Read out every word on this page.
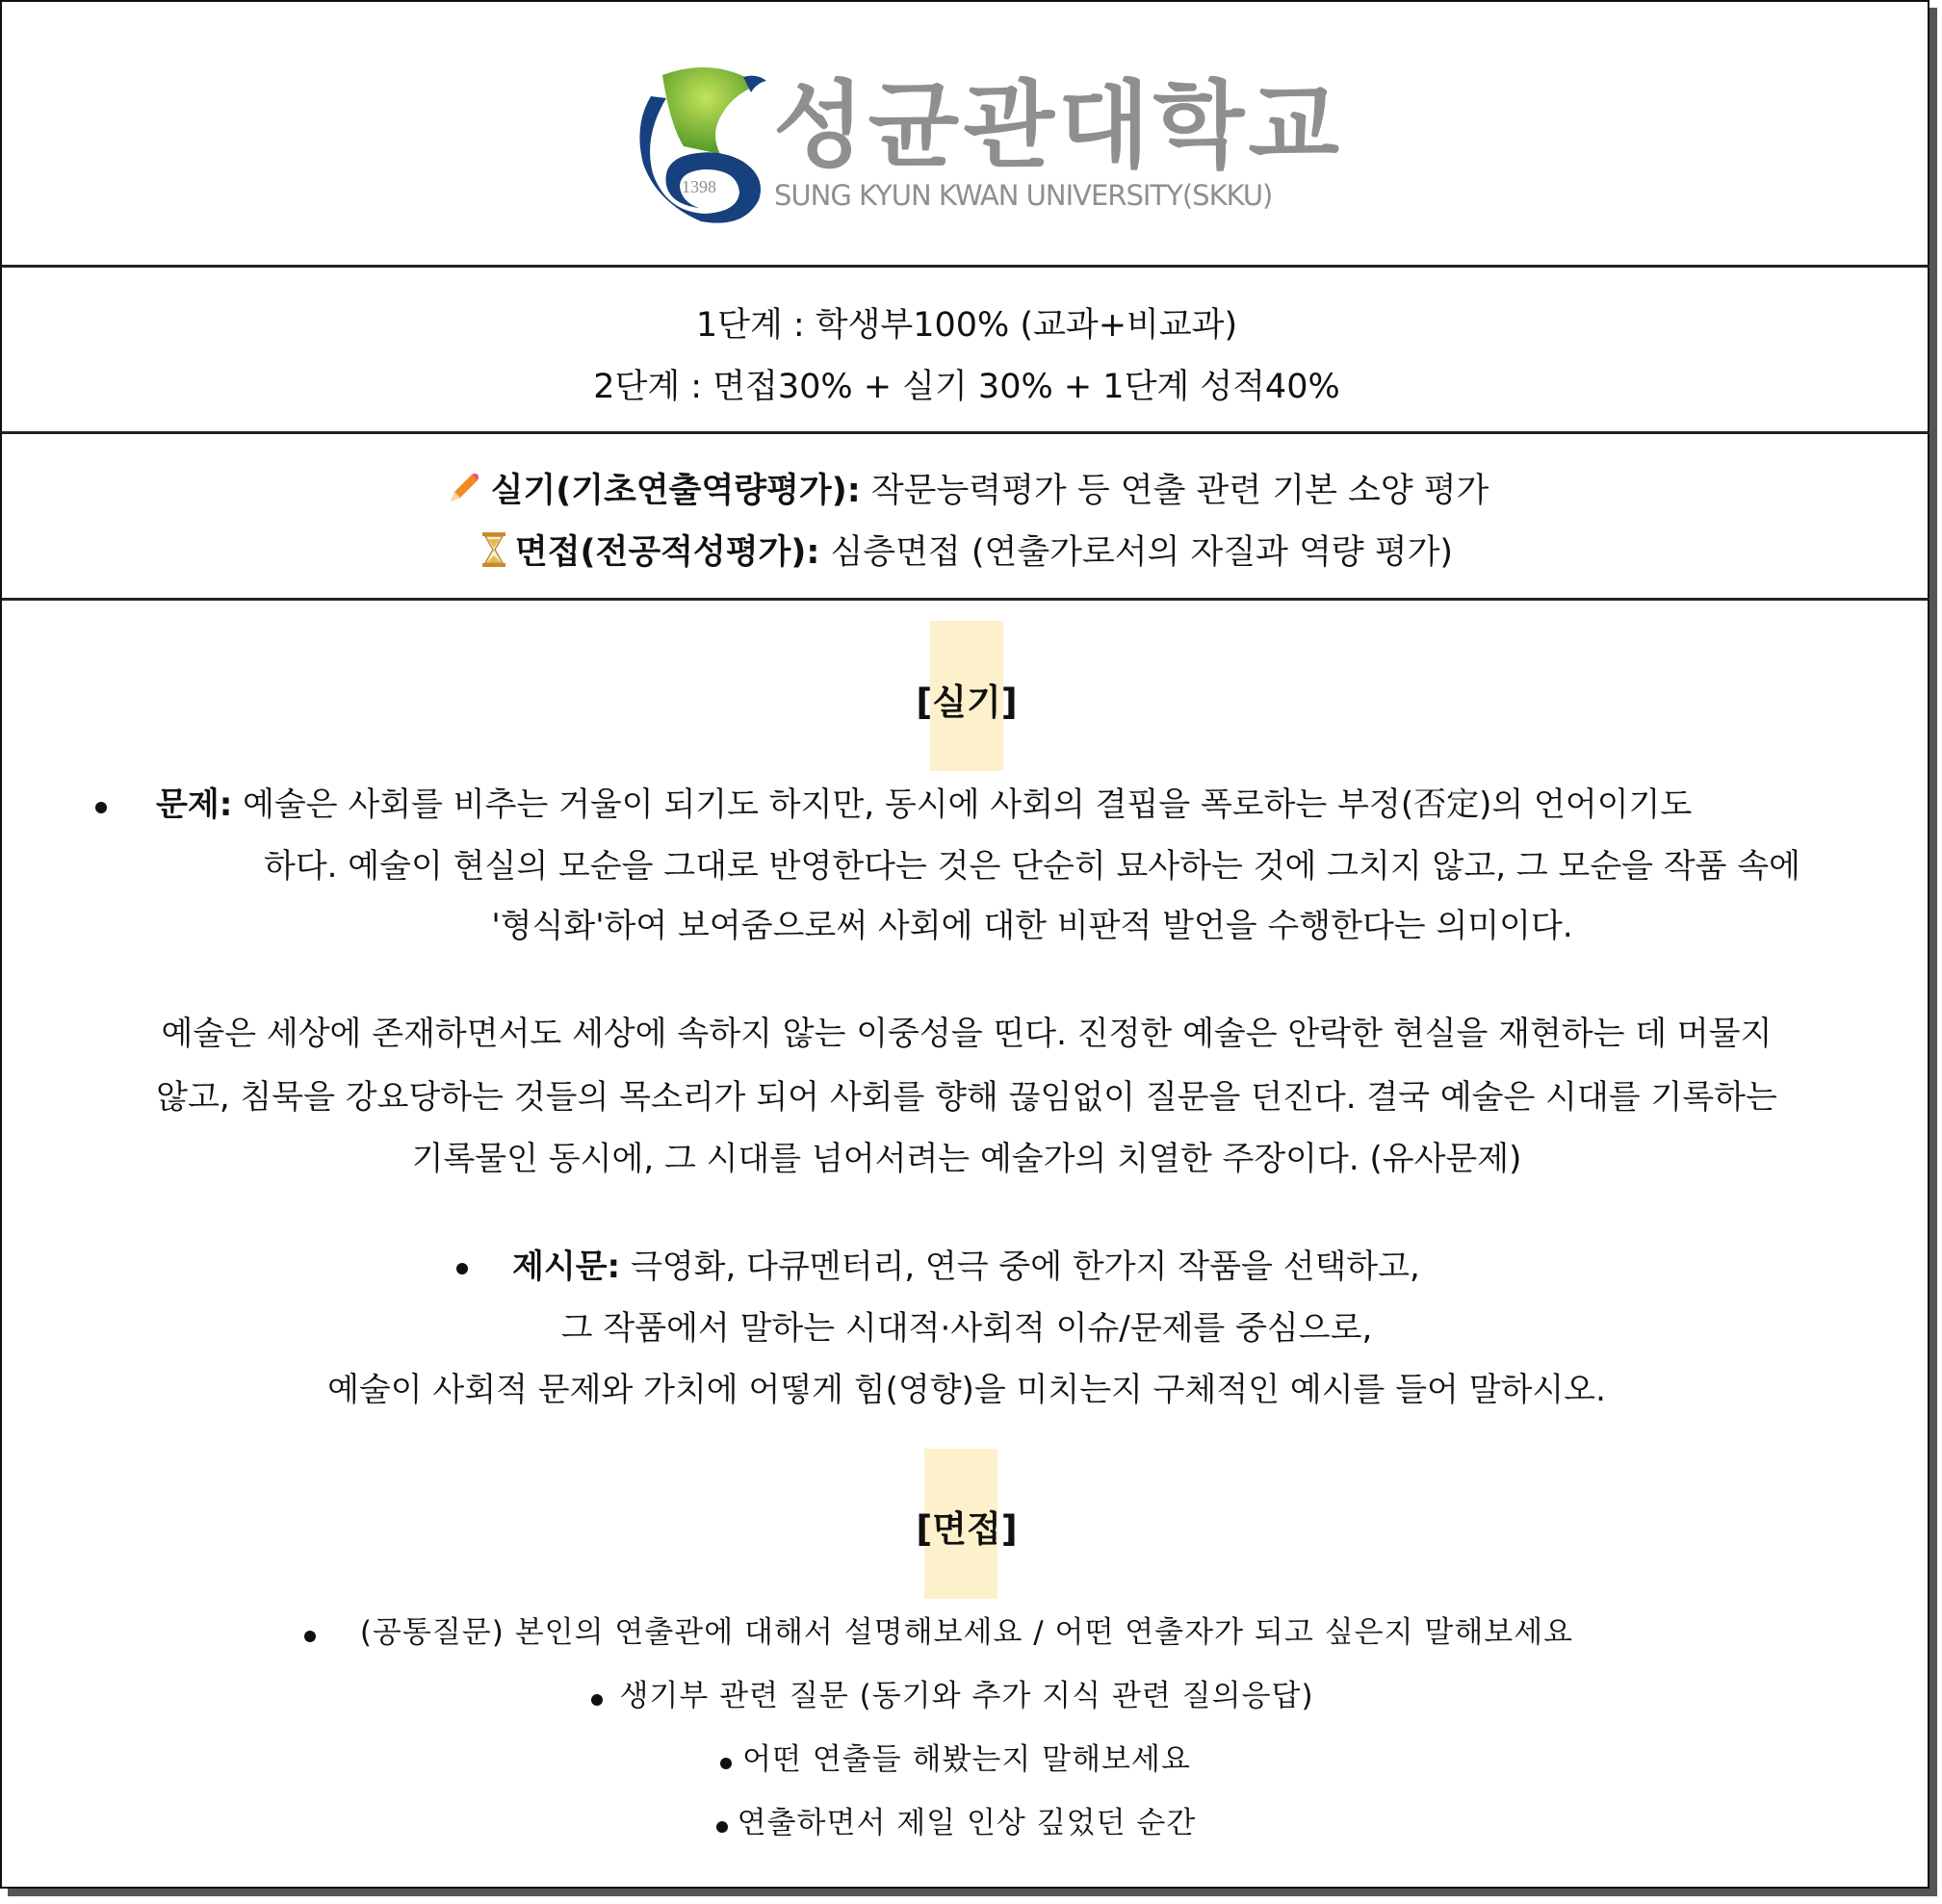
1398
성균관대학교
SUNG KYUN KWAN UNIVERSITY(SKKU)
1단계 : 학생부100% (교과+비교과)
2단계 : 면접30% + 실기 30% + 1단계 성적40%
실기(기초연출역량평가): 작문능력평가 등 연출 관련 기본 소양 평가
면접(전공적성평가): 심층면접 (연출가로서의 자질과 역량 평가)
[실기]
문제: 예술은 사회를 비추는 거울이 되기도 하지만, 동시에 사회의 결핍을 폭로하는 부정(否定)의 언어이기도
하다. 예술이 현실의 모순을 그대로 반영한다는 것은 단순히 묘사하는 것에 그치지 않고, 그 모순을 작품 속에
'형식화'하여 보여줌으로써 사회에 대한 비판적 발언을 수행한다는 의미이다.
예술은 세상에 존재하면서도 세상에 속하지 않는 이중성을 띤다. 진정한 예술은 안락한 현실을 재현하는 데 머물지
않고, 침묵을 강요당하는 것들의 목소리가 되어 사회를 향해 끊임없이 질문을 던진다. 결국 예술은 시대를 기록하는
기록물인 동시에, 그 시대를 넘어서려는 예술가의 치열한 주장이다. (유사문제)
제시문: 극영화, 다큐멘터리, 연극 중에 한가지 작품을 선택하고,
그 작품에서 말하는 시대적·사회적 이슈/문제를 중심으로,
예술이 사회적 문제와 가치에 어떻게 힘(영향)을 미치는지 구체적인 예시를 들어 말하시오.
[면접]
(공통질문) 본인의 연출관에 대해서 설명해보세요 / 어떤 연출자가 되고 싶은지 말해보세요
생기부 관련 질문 (동기와 추가 지식 관련 질의응답)
어떤 연출들 해봤는지 말해보세요
연출하면서 제일 인상 깊었던 순간
